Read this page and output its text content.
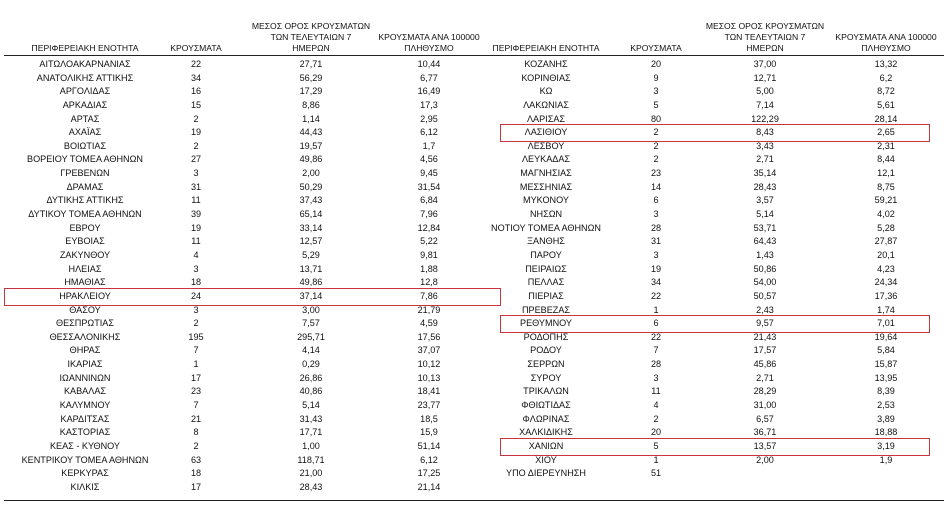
ΠΕΡΙΦΕΡΕΙΑΚΗ ΕΝΟΤΗΤΑ	ΚΡΟΥΣΜΑΤΑ
ΜΕΣΟΣ ΟΡΟΣ ΚΡΟΥΣΜΑΤΩΝ
ΤΩΝ ΤΕΛΕΥΤΑΙΩΝ 7
ΗΜΕΡΩΝ
ΚΡΟΥΣΜΑΤΑ ΑΝΑ 100000
ΠΛΗΘΥΣΜΟ
ΑΙΤΩΛΟΑΚΑΡΝΑΝΙΑΣ	22	27,71	10,44
ΑΝΑΤΟΛΙΚΗΣ ΑΤΤΙΚΗΣ	34	56,29	6,77
ΑΡΓΟΛΙΔΑΣ	16	17,29	16,49
ΑΡΚΑΔΙΑΣ	15	8,86	17,3
ΑΡΤΑΣ	2	1,14	2,95
ΑΧΑΪΑΣ	19	44,43	6,12
ΒΟΙΩΤΙΑΣ	2	19,57	1,7
ΒΟΡΕΙΟΥ ΤΟΜΕΑ ΑΘΗΝΩΝ	27	49,86	4,56
ΓΡΕΒΕΝΩΝ	3	2,00	9,45
ΔΡΑΜΑΣ	31	50,29	31,54
ΔΥΤΙΚΗΣ ΑΤΤΙΚΗΣ	11	37,43	6,84
ΔΥΤΙΚΟΥ ΤΟΜΕΑ ΑΘΗΝΩΝ	39	65,14	7,96
ΕΒΡΟΥ	19	33,14	12,84
ΕΥΒΟΙΑΣ	11	12,57	5,22
ΖΑΚΥΝΘΟΥ	4	5,29	9,81
ΗΛΕΙΑΣ	3	13,71	1,88
ΗΜΑΘΙΑΣ	18	49,86	12,8
ΗΡΑΚΛΕΙΟΥ	24	37,14	7,86
ΘΑΣΟΥ	3	3,00	21,79
ΘΕΣΠΡΩΤΙΑΣ	2	7,57	4,59
ΘΕΣΣΑΛΟΝΙΚΗΣ	195	295,71	17,56
ΘΗΡΑΣ	7	4,14	37,07
ΙΚΑΡΙΑΣ	1	0,29	10,12
ΙΩΑΝΝΙΝΩΝ	17	26,86	10,13
ΚΑΒΑΛΑΣ	23	40,86	18,41
ΚΑΛΥΜΝΟΥ	7	5,14	23,77
ΚΑΡΔΙΤΣΑΣ	21	31,43	18,5
ΚΑΣΤΟΡΙΑΣ	8	17,71	15,9
ΚΕΑΣ - ΚΥΘΝΟΥ	2	1,00	51,14
ΚΕΝΤΡΙΚΟΥ ΤΟΜΕΑ ΑΘΗΝΩΝ	63	118,71	6,12
ΚΕΡΚΥΡΑΣ	18	21,00	17,25
ΚΙΛΚΙΣ	17	28,43	21,14
ΠΕΡΙΦΕΡΕΙΑΚΗ ΕΝΟΤΗΤΑ	ΚΡΟΥΣΜΑΤΑ
ΜΕΣΟΣ ΟΡΟΣ ΚΡΟΥΣΜΑΤΩΝ
ΤΩΝ ΤΕΛΕΥΤΑΙΩΝ 7
ΗΜΕΡΩΝ
ΚΡΟΥΣΜΑΤΑ ΑΝΑ 100000
ΠΛΗΘΥΣΜΟ
ΚΟΖΑΝΗΣ	20	37,00	13,32
ΚΟΡΙΝΘΙΑΣ	9	12,71	6,2
ΚΩ	3	5,00	8,72
ΛΑΚΩΝΙΑΣ	5	7,14	5,61
ΛΑΡΙΣΑΣ	80	122,29	28,14
ΛΑΣΙΘΙΟΥ	2	8,43	2,65
ΛΕΣΒΟΥ	2	3,43	2,31
ΛΕΥΚΑΔΑΣ	2	2,71	8,44
ΜΑΓΝΗΣΙΑΣ	23	35,14	12,1
ΜΕΣΣΗΝΙΑΣ	14	28,43	8,75
ΜΥΚΟΝΟΥ	6	3,57	59,21
ΝΗΣΩΝ	3	5,14	4,02
ΝΟΤΙΟΥ ΤΟΜΕΑ ΑΘΗΝΩΝ	28	53,71	5,28
ΞΑΝΘΗΣ	31	64,43	27,87
ΠΑΡΟΥ	3	1,43	20,1
ΠΕΙΡΑΙΩΣ	19	50,86	4,23
ΠΕΛΛΑΣ	34	54,00	24,34
ΠΙΕΡΙΑΣ	22	50,57	17,36
ΠΡΕΒΕΖΑΣ	1	2,43	1,74
ΡΕΘΥΜΝΟΥ	6	9,57	7,01
ΡΟΔΟΠΗΣ	22	21,43	19,64
ΡΟΔΟΥ	7	17,57	5,84
ΣΕΡΡΩΝ	28	45,86	15,87
ΣΥΡΟΥ	3	2,71	13,95
ΤΡΙΚΑΛΩΝ	11	28,29	8,39
ΦΘΙΩΤΙΔΑΣ	4	31,00	2,53
ΦΛΩΡΙΝΑΣ	2	6,57	3,89
ΧΑΛΚΙΔΙΚΗΣ	20	36,71	18,88
ΧΑΝΙΩΝ	5	13,57	3,19
ΧΙΟΥ	1	2,00	1,9
ΥΠΟ ΔΙΕΡΕΥΝΗΣΗ	51
